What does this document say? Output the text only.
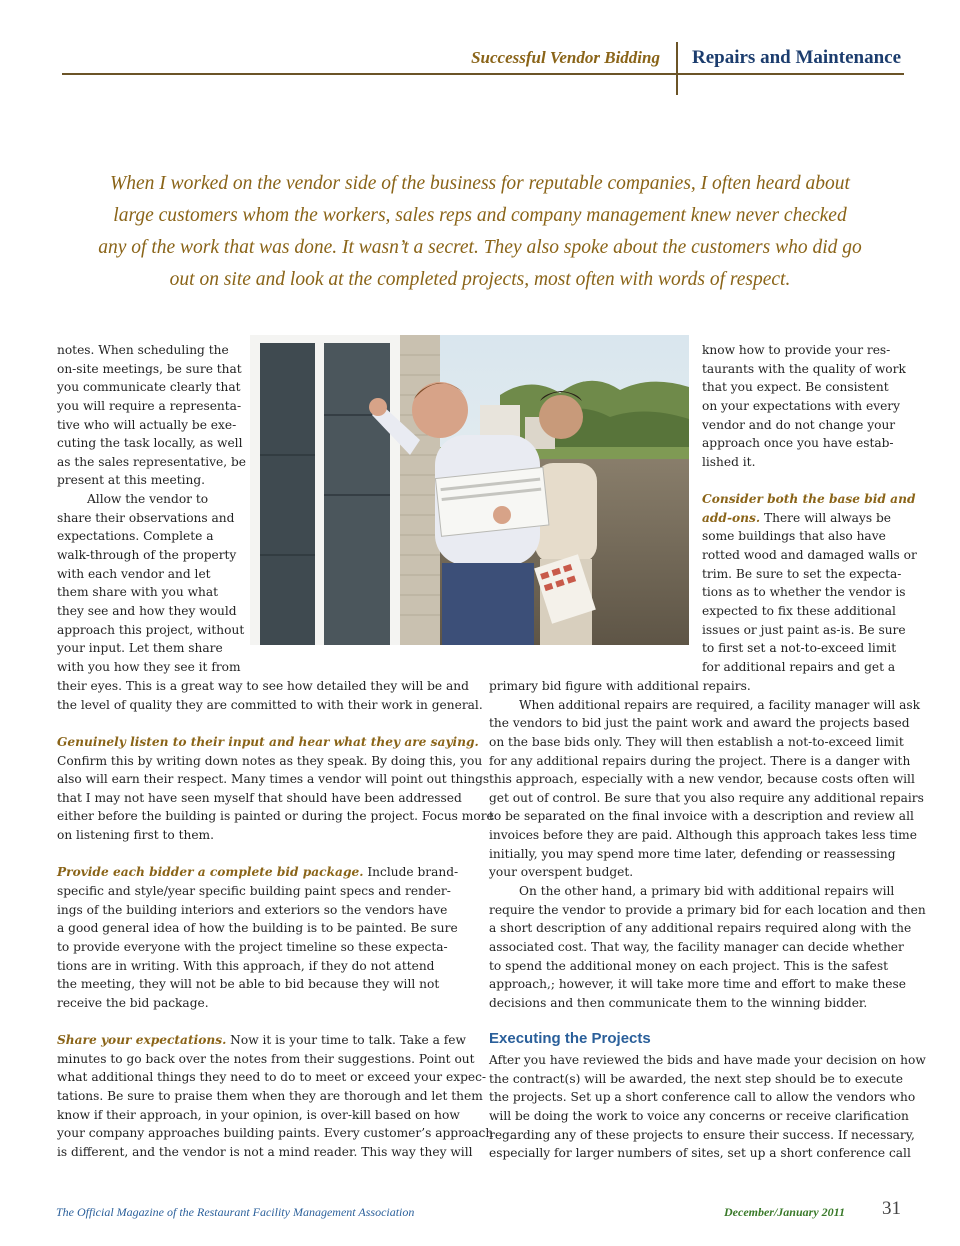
Successful Vendor Bidding Repairs and Maintenance
When I worked on the vendor side of the business for reputable companies, I often heard about
large customers whom the workers, sales reps and company management knew never checked
any of the work that was done. It wasn’t a secret. They also spoke about the customers who did go
out on site and look at the completed projects, most often with words of respect.
notes. When scheduling the
on-site meetings, be sure that
you communicate clearly that
you will require a representa-
tive who will actually be exe-
cuting the task locally, as well
as the sales representative, be
present at this meeting.
Allow the vendor to
share their observations and
expectations. Complete a
walk-through of the property
with each vendor and let
them share with you what
they see and how they would
approach this project, without
your input. Let them share
with you how they see it from
their eyes. This is a great way to see how detailed they will be and
the level of quality they are committed to with their work in general.
Genuinely listen to their input and hear what they are saying.
Confirm this by writing down notes as they speak. By doing this, you
also will earn their respect. Many times a vendor will point out things
that I may not have seen myself that should have been addressed
either before the building is painted or during the project. Focus more
on listening first to them.
Provide each bidder a complete bid package. Include brand-
specific and style/year specific building paint specs and render-
ings of the building interiors and exteriors so the vendors have
a good general idea of how the building is to be painted. Be sure
to provide everyone with the project timeline so these expecta-
tions are in writing. With this approach, if they do not attend
the meeting, they will not be able to bid because they will not
receive the bid package.
Share your expectations. Now it is your time to talk. Take a few
minutes to go back over the notes from their suggestions. Point out
what additional things they need to do to meet or exceed your expec-
tations. Be sure to praise them when they are thorough and let them
know if their approach, in your opinion, is over-kill based on how
your company approaches building paints. Every customer’s approach
is different, and the vendor is not a mind reader. This way they will
know how to provide your res-
taurants with the quality of work
that you expect. Be consistent
on your expectations with every
vendor and do not change your
approach once you have estab-
lished it.
Consider both the base bid and
add-ons. There will always be
some buildings that also have
rotted wood and damaged walls or
trim. Be sure to set the expecta-
tions as to whether the vendor is
expected to fix these additional
issues or just paint as-is. Be sure
to first set a not-to-exceed limit
for additional repairs and get a
primary bid figure with additional repairs.
When additional repairs are required, a facility manager will ask
the vendors to bid just the paint work and award the projects based
on the base bids only. They will then establish a not-to-exceed limit
for any additional repairs during the project. There is a danger with
this approach, especially with a new vendor, because costs often will
get out of control. Be sure that you also require any additional repairs
to be separated on the final invoice with a description and review all
invoices before they are paid. Although this approach takes less time
initially, you may spend more time later, defending or reassessing
your overspent budget.
On the other hand, a primary bid with additional repairs will
require the vendor to provide a primary bid for each location and then
a short description of any additional repairs required along with the
associated cost. That way, the facility manager can decide whether
to spend the additional money on each project. This is the safest
approach,; however, it will take more time and effort to make these
decisions and then communicate them to the winning bidder.
Executing the Projects
After you have reviewed the bids and have made your decision on how
the contract(s) will be awarded, the next step should be to execute
the projects. Set up a short conference call to allow the vendors who
will be doing the work to voice any concerns or receive clarification
regarding any of these projects to ensure their success. If necessary,
especially for larger numbers of sites, set up a short conference call
The Official Magazine of the Restaurant Facility Management Association	December/January 2011 31
